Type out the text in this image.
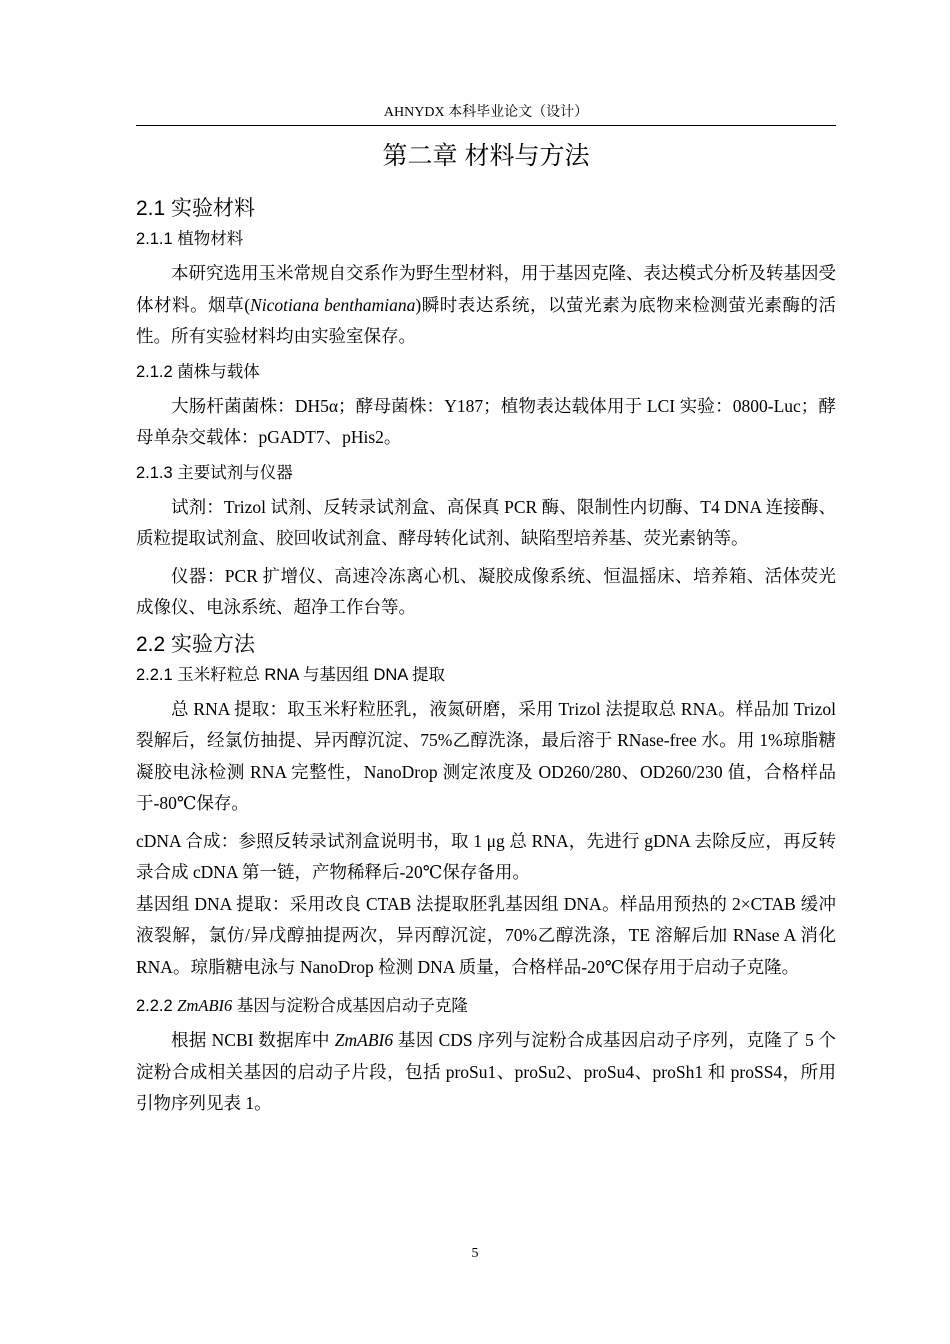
AHNYDX 本科毕业论文（设计）
第二章 材料与方法
2.1 实验材料
2.1.1 植物材料

本研究选用玉米常规自交系作为野生型材料，用于基因克隆、表达模式分析及转基因受体材料。烟草(Nicotiana benthamiana)瞬时表达系统，以萤光素为底物来检测萤光素酶的活性。所有实验材料均由实验室保存。

2.1.2 菌株与载体

大肠杆菌菌株：DH5α；酵母菌株：Y187；植物表达载体用于 LCI 实验：0800-Luc；酵母单杂交载体：pGADT7、pHis2。

2.1.3 主要试剂与仪器

试剂：Trizol 试剂、反转录试剂盒、高保真 PCR 酶、限制性内切酶、T4 DNA 连接酶、质粒提取试剂盒、胶回收试剂盒、酵母转化试剂、缺陷型培养基、荧光素钠等。

仪器：PCR 扩增仪、高速冷冻离心机、凝胶成像系统、恒温摇床、培养箱、活体荧光成像仪、电泳系统、超净工作台等。

2.2 实验方法
2.2.1 玉米籽粒总 RNA 与基因组 DNA 提取

总 RNA 提取：取玉米籽粒胚乳，液氮研磨，采用 Trizol 法提取总 RNA。样品加 Trizol 裂解后，经氯仿抽提、异丙醇沉淀、75%乙醇洗涤，最后溶于 RNase-free 水。用 1%琼脂糖凝胶电泳检测 RNA 完整性，NanoDrop 测定浓度及 OD260/280、OD260/230 值，合格样品于-80℃保存。

cDNA 合成：参照反转录试剂盒说明书，取 1 μg 总 RNA，先进行 gDNA 去除反应，再反转录合成 cDNA 第一链，产物稀释后-20℃保存备用。

基因组 DNA 提取：采用改良 CTAB 法提取胚乳基因组 DNA。样品用预热的 2×CTAB 缓冲液裂解，氯仿/异戊醇抽提两次，异丙醇沉淀，70%乙醇洗涤，TE 溶解后加 RNase A 消化 RNA。琼脂糖电泳与 NanoDrop 检测 DNA 质量，合格样品-20℃保存用于启动子克隆。

2.2.2 ZmABI6 基因与淀粉合成基因启动子克隆

根据 NCBI 数据库中 ZmABI6 基因 CDS 序列与淀粉合成基因启动子序列，克隆了 5 个淀粉合成相关基因的启动子片段，包括 proSu1、proSu2、proSu4、proSh1 和 proSS4，所用引物序列见表 1。

5
